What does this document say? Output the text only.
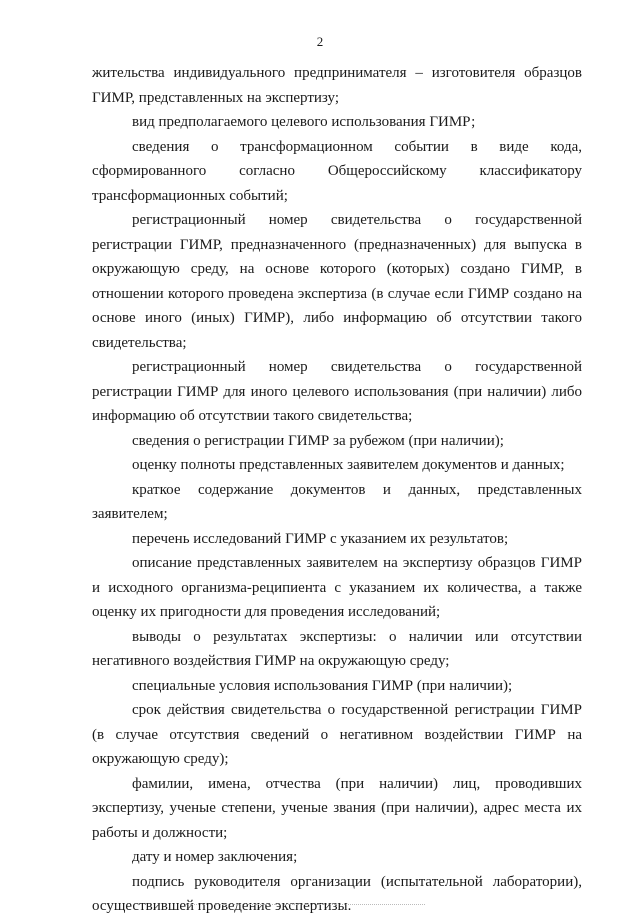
2

жительства индивидуального предпринимателя – изготовителя образцов ГИМР, представленных на экспертизу;

вид предполагаемого целевого использования ГИМР;

сведения о трансформационном событии в виде кода, сформированного согласно Общероссийскому классификатору трансформационных событий;

регистрационный номер свидетельства о государственной регистрации ГИМР, предназначенного (предназначенных) для выпуска в окружающую среду, на основе которого (которых) создано ГИМР, в отношении которого проведена экспертиза (в случае если ГИМР создано на основе иного (иных) ГИМР), либо информацию об отсутствии такого свидетельства;

регистрационный номер свидетельства о государственной регистрации ГИМР для иного целевого использования (при наличии) либо информацию об отсутствии такого свидетельства;

сведения о регистрации ГИМР за рубежом (при наличии);

оценку полноты представленных заявителем документов и данных;

краткое содержание документов и данных, представленных заявителем;

перечень исследований ГИМР с указанием их результатов;

описание представленных заявителем на экспертизу образцов ГИМР и исходного организма-реципиента с указанием их количества, а также оценку их пригодности для проведения исследований;

выводы о результатах экспертизы: о наличии или отсутствии негативного воздействия ГИМР на окружающую среду;

специальные условия использования ГИМР (при наличии);

срок действия свидетельства о государственной регистрации ГИМР (в случае отсутствия сведений о негативном воздействии ГИМР на окружающую среду);

фамилии, имена, отчества (при наличии) лиц, проводивших экспертизу, ученые степени, ученые звания (при наличии), адрес места их работы и должности;

дату и номер заключения;

подпись руководителя организации (испытательной лаборатории), осуществившей проведение экспертизы.
